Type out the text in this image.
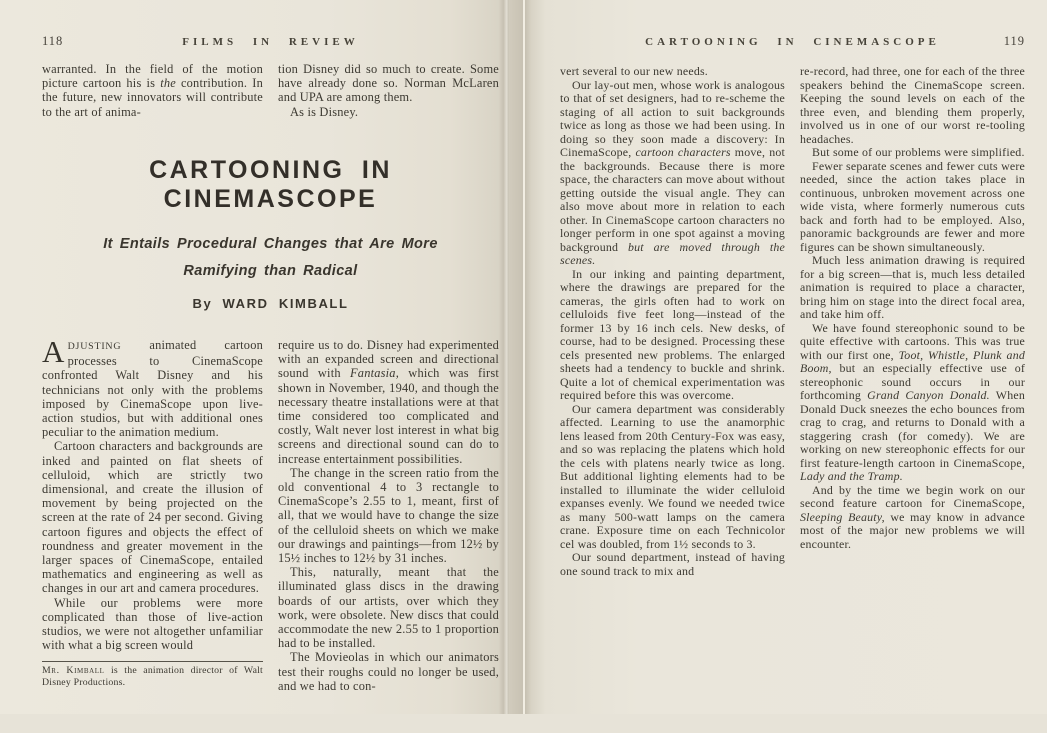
118	FILMS IN REVIEW

warranted. In the field of the motion picture cartoon his is the contribution. In the future, new innovators will contribute to the art of anima-

tion Disney did so much to create. Some have already done so. Norman McLaren and UPA are among them.

As is Disney.

CARTOONING IN CINEMASCOPE

It Entails Procedural Changes that Are More
Ramifying than Radical

By WARD KIMBALL

ADJUSTING animated cartoon processes to CinemaScope confronted Walt Disney and his technicians not only with the problems imposed by CinemaScope upon live-action studios, but with additional ones peculiar to the animation medium.

Cartoon characters and backgrounds are inked and painted on flat sheets of celluloid, which are strictly two dimensional, and create the illusion of movement by being projected on the screen at the rate of 24 per second. Giving cartoon figures and objects the effect of roundness and greater movement in the larger spaces of CinemaScope, entailed mathematics and engineering as well as changes in our art and camera procedures.

While our problems were more complicated than those of live-action studios, we were not altogether unfamiliar with what a big screen would

Mr. Kimball is the animation director of Walt Disney Productions.

require us to do. Disney had experimented with an expanded screen and directional sound with Fantasia, which was first shown in November, 1940, and though the necessary theatre installations were at that time considered too complicated and costly, Walt never lost interest in what big screens and directional sound can do to increase entertainment possibilities.

The change in the screen ratio from the old conventional 4 to 3 rectangle to CinemaScope’s 2.55 to 1, meant, first of all, that we would have to change the size of the celluloid sheets on which we make our drawings and paintings—from 12½ by 15½ inches to 12½ by 31 inches.

This, naturally, meant that the illuminated glass discs in the drawing boards of our artists, over which they work, were obsolete. New discs that could accommodate the new 2.55 to 1 proportion had to be installed.

The Movieolas in which our animators test their roughs could no longer be used, and we had to con-

CARTOONING IN CINEMASCOPE	119

vert several to our new needs.

Our lay-out men, whose work is analogous to that of set designers, had to re-scheme the staging of all action to suit backgrounds twice as long as those we had been using. In doing so they soon made a discovery: In CinemaScope, cartoon characters move, not the backgrounds. Because there is more space, the characters can move about without getting outside the visual angle. They can also move about more in relation to each other. In CinemaScope cartoon characters no longer perform in one spot against a moving background but are moved through the scenes.

In our inking and painting department, where the drawings are prepared for the cameras, the girls often had to work on celluloids five feet long—instead of the former 13 by 16 inch cels. New desks, of course, had to be designed. Processing these cels presented new problems. The enlarged sheets had a tendency to buckle and shrink. Quite a lot of chemical experimentation was required before this was overcome.

Our camera department was considerably affected. Learning to use the anamorphic lens leased from 20th Century-Fox was easy, and so was replacing the platens which hold the cels with platens nearly twice as long. But additional lighting elements had to be installed to illuminate the wider celluloid expanses evenly. We found we needed twice as many 500-watt lamps on the camera crane. Exposure time on each Technicolor cel was doubled, from 1½ seconds to 3.

Our sound department, instead of having one sound track to mix and

re-record, had three, one for each of the three speakers behind the CinemaScope screen. Keeping the sound levels on each of the three even, and blending them properly, involved us in one of our worst re-tooling headaches.

But some of our problems were simplified.

Fewer separate scenes and fewer cuts were needed, since the action takes place in continuous, unbroken movement across one wide vista, where formerly numerous cuts back and forth had to be employed. Also, panoramic backgrounds are fewer and more figures can be shown simultaneously.

Much less animation drawing is required for a big screen—that is, much less detailed animation is required to place a character, bring him on stage into the direct focal area, and take him off.

We have found stereophonic sound to be quite effective with cartoons. This was true with our first one, Toot, Whistle, Plunk and Boom, but an especially effective use of stereophonic sound occurs in our forthcoming Grand Canyon Donald. When Donald Duck sneezes the echo bounces from crag to crag, and returns to Donald with a staggering crash (for comedy). We are working on new stereophonic effects for our first feature-length cartoon in CinemaScope, Lady and the Tramp.

And by the time we begin work on our second feature cartoon for CinemaScope, Sleeping Beauty, we may know in advance most of the major new problems we will encounter.
